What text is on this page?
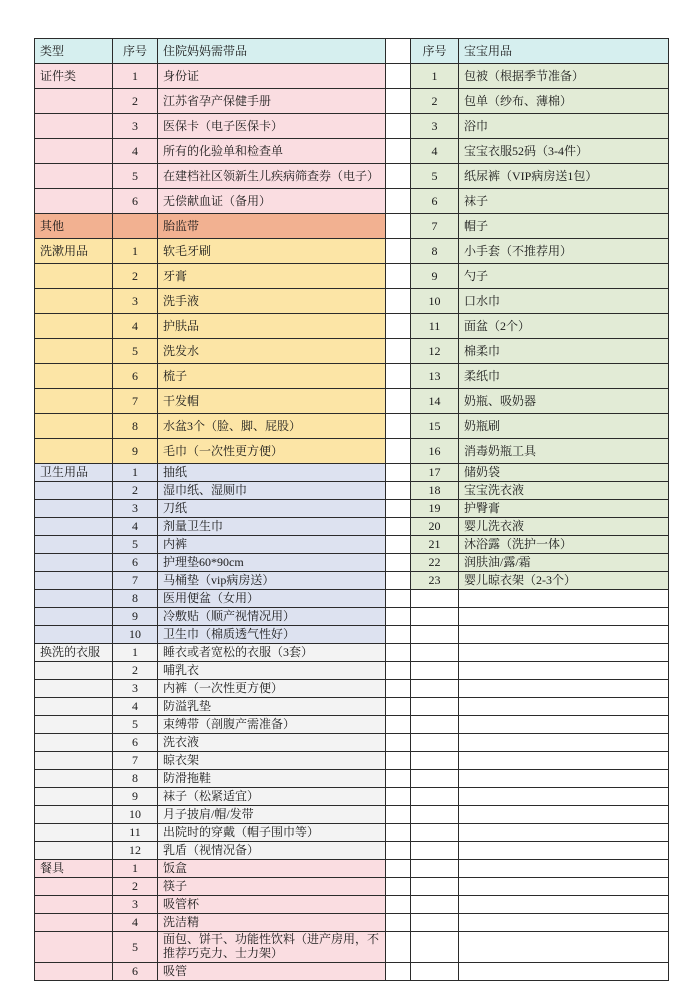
类型	序号	住院妈妈需带品		序号	宝宝用品
证件类	1	身份证		1	包被（根据季节准备）
	2	江苏省孕产保健手册		2	包单（纱布、薄棉）
	3	医保卡（电子医保卡）		3	浴巾
	4	所有的化验单和检查单		4	宝宝衣服52码（3-4件）
	5	在建档社区领新生儿疾病筛查券（电子）		5	纸尿裤（VIP病房送1包）
	6	无偿献血证（备用）		6	袜子
其他		胎监带		7	帽子
洗漱用品	1	软毛牙刷		8	小手套（不推荐用）
	2	牙膏		9	勺子
	3	洗手液		10	口水巾
	4	护肤品		11	面盆（2个）
	5	洗发水		12	棉柔巾
	6	梳子		13	柔纸巾
	7	干发帽		14	奶瓶、吸奶器
	8	水盆3个（脸、脚、屁股）		15	奶瓶刷
	9	毛巾（一次性更方便）		16	消毒奶瓶工具
卫生用品	1	抽纸		17	储奶袋
	2	湿巾纸、湿厕巾		18	宝宝洗衣液
	3	刀纸		19	护臀膏
	4	剂量卫生巾		20	婴儿洗衣液
	5	内裤		21	沐浴露（洗护一体）
	6	护理垫60*90cm		22	润肤油/露/霜
	7	马桶垫（vip病房送）		23	婴儿晾衣架（2-3个）
	8	医用便盆（女用）			
	9	冷敷贴（顺产视情况用）			
	10	卫生巾（棉质透气性好）			
换洗的衣服	1	睡衣或者宽松的衣服（3套）			
	2	哺乳衣			
	3	内裤（一次性更方便）			
	4	防溢乳垫			
	5	束缚带（剖腹产需准备）			
	6	洗衣液			
	7	晾衣架			
	8	防滑拖鞋			
	9	袜子（松紧适宜）			
	10	月子披肩/帽/发带			
	11	出院时的穿戴（帽子围巾等）			
	12	乳盾（视情况备）			
餐具	1	饭盒			
	2	筷子			
	3	吸管杯			
	4	洗洁精			
	5	面包、饼干、功能性饮料（进产房用，不推荐巧克力、士力架）			
	6	吸管			
